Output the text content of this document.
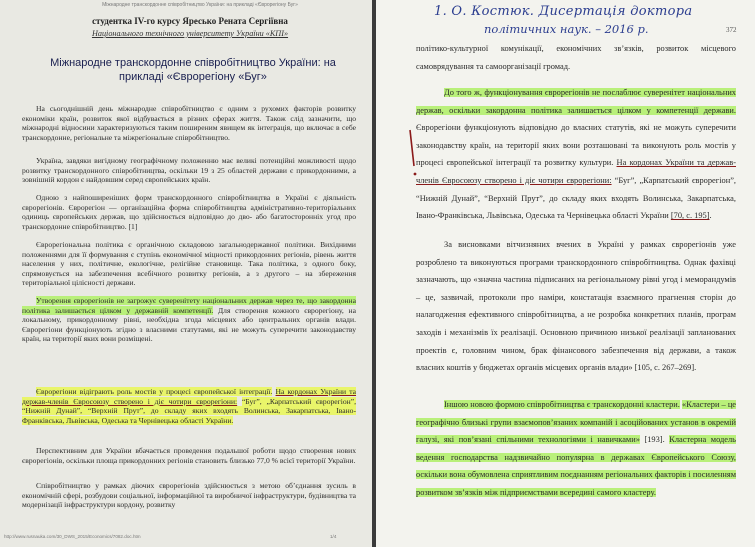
Міжнародне транскордонне співробітництво України: на прикладі «Єврорегіону Буг»
студентка IV-го курсу Яресько Рената Сергіївна
Національного технічного університету України «КПІ»
Міжнародне транскордонне співробітництво України: на прикладі «Єврорегіону «Буг»

На сьогоднішній день міжнародне співробітництво є одним з рухомих факторів розвитку економіки країн, розвиток якої відбувається в різних сферах життя. Також слід зазначити, що міжнародні відносини характеризуються таким поширеним явищем як інтеграція, що включає в себе транскордонне, регіональне та міжрегіональне співробітництво.

Україна, завдяки вигідному географічному положенню має великі потенційні можливості щодо розвитку транскордонного співробітництва, оскільки 19 з 25 областей держави є прикордонними, а зовнішній кордон є найдовшим серед європейських країн.

Одною з найпоширеніших форм транскордонного співробітництва в Україні є діяльність єврорегіонів. Єврорегіон — організаційна форма співробітництва адміністративно-територіальних одиниць європейських держав, що здійснюється відповідно до дво- або багатосторонніх угод про транскордонне співробітництво. [1]

Єврорегіональна політика є органічною складовою загальнодержавної політики. Вихідними положеннями для її формування є ступінь економічної міцності прикордонних регіонів, рівень життя населення у них, політичне, екологічне, релігійне становище. Така політика, з одного боку, спрямовується на забезпечення всебічного розвитку регіонів, а з другого – на збереження територіальної цілісності держави.

Утворення єврорегіонів не загрожує суверенітету національних держав через те, що закордонна політика залишається цілком у державній компетенції. Для створення кожного єврорегіону, на локальному, прикордонному рівні, необхідна згода місцевих або центральних органів влади. Єврорегіони функціонують згідно з власними статутами, які не можуть суперечити законодавству країн, на території яких вони розміщені.

Єврорегіони відіграють роль мостів у процесі європейської інтеграції. На кордонах України та держав-членів Євросоюзу створено і діє чотири єврорегіони: “Буг”, „Карпатський єврорегіон”, “Нижній Дунай”, “Верхній Прут”, до складу яких входять Волинська, Закарпатська, Івано-Франківська, Львівська, Одеська та Чернівецька області України.

Перспективним для України вбачається проведення подальшої роботи щодо створення нових єврорегіонів, оскільки площа прикордонних регіонів становить близько 77,0 % всієї території України.

Співробітництво у рамках діючих єврорегіонів здійснюється з метою об’єднання зусиль в економічній сфері, розбудови соціальної, інформаційної та виробничої інфраструктури, будівництва та модернізації інфраструктури кордону, розвитку

http://www.rusnauka.com/30_DWS_2015/Economics/7082.doc.htm	1/4
1. О. Костюк. Дисертація доктора
політичних наук. – 2016 р.	372

політико-культурної комунікації, економічних зв’язків, розвиток місцевого самоврядування та самоорганізації громад.

До того ж, функціонування єврорегіонів не послаблює суверенітет національних держав, оскільки закордонна політика залишається цілком у компетенції держави. Єврорегіони функціонують відповідно до власних статутів, які не можуть суперечити законодавству країн, на території яких вони розташовані та виконують роль мостів у процесі європейської інтеграції та розвитку культури. На кордонах України та держав-членів Євросоюзу створено і діє чотири єврорегіони: “Буг”, „Карпатський єврорегіон”, “Нижній Дунай”, “Верхній Прут”, до складу яких входять Волинська, Закарпатська, Івано-Франківська, Львівська, Одеська та Чернівецька області України [70, с. 195].

За висновками вітчизняних вчених в Україні у рамках єврорегіонів уже розроблено та виконуються програми транскордонного співробітництва. Однак фахівці зазначають, що «значна частина підписаних на регіональному рівні угод і меморандумів – це, зазвичай, протоколи про наміри, констатація взаємного прагнення сторін до налагодження ефективного співробітництва, а не розробка конкретних планів, програм заходів і механізмів їх реалізації. Основною причиною низької реалізації запланованих проектів є, головним чином, брак фінансового забезпечення від держави, а також власних коштів у бюджетах органів місцевих органів влади» [105, с. 267–269].

Іншою новою формою співробітництва є транскордонні кластери. «Кластери – це географічно близькі групи взаємопов’язаних компаній і асоційованих установ в окремій галузі, які пов’язані спільними технологіями і навичками» [193]. Кластерна модель ведення господарства надзвичайно популярна в державах Європейського Союзу, оскільки вона обумовлена сприятливим поєднанням регіональних факторів і посиленням розвитком зв’язків між підприємствами всередині самого кластеру.
